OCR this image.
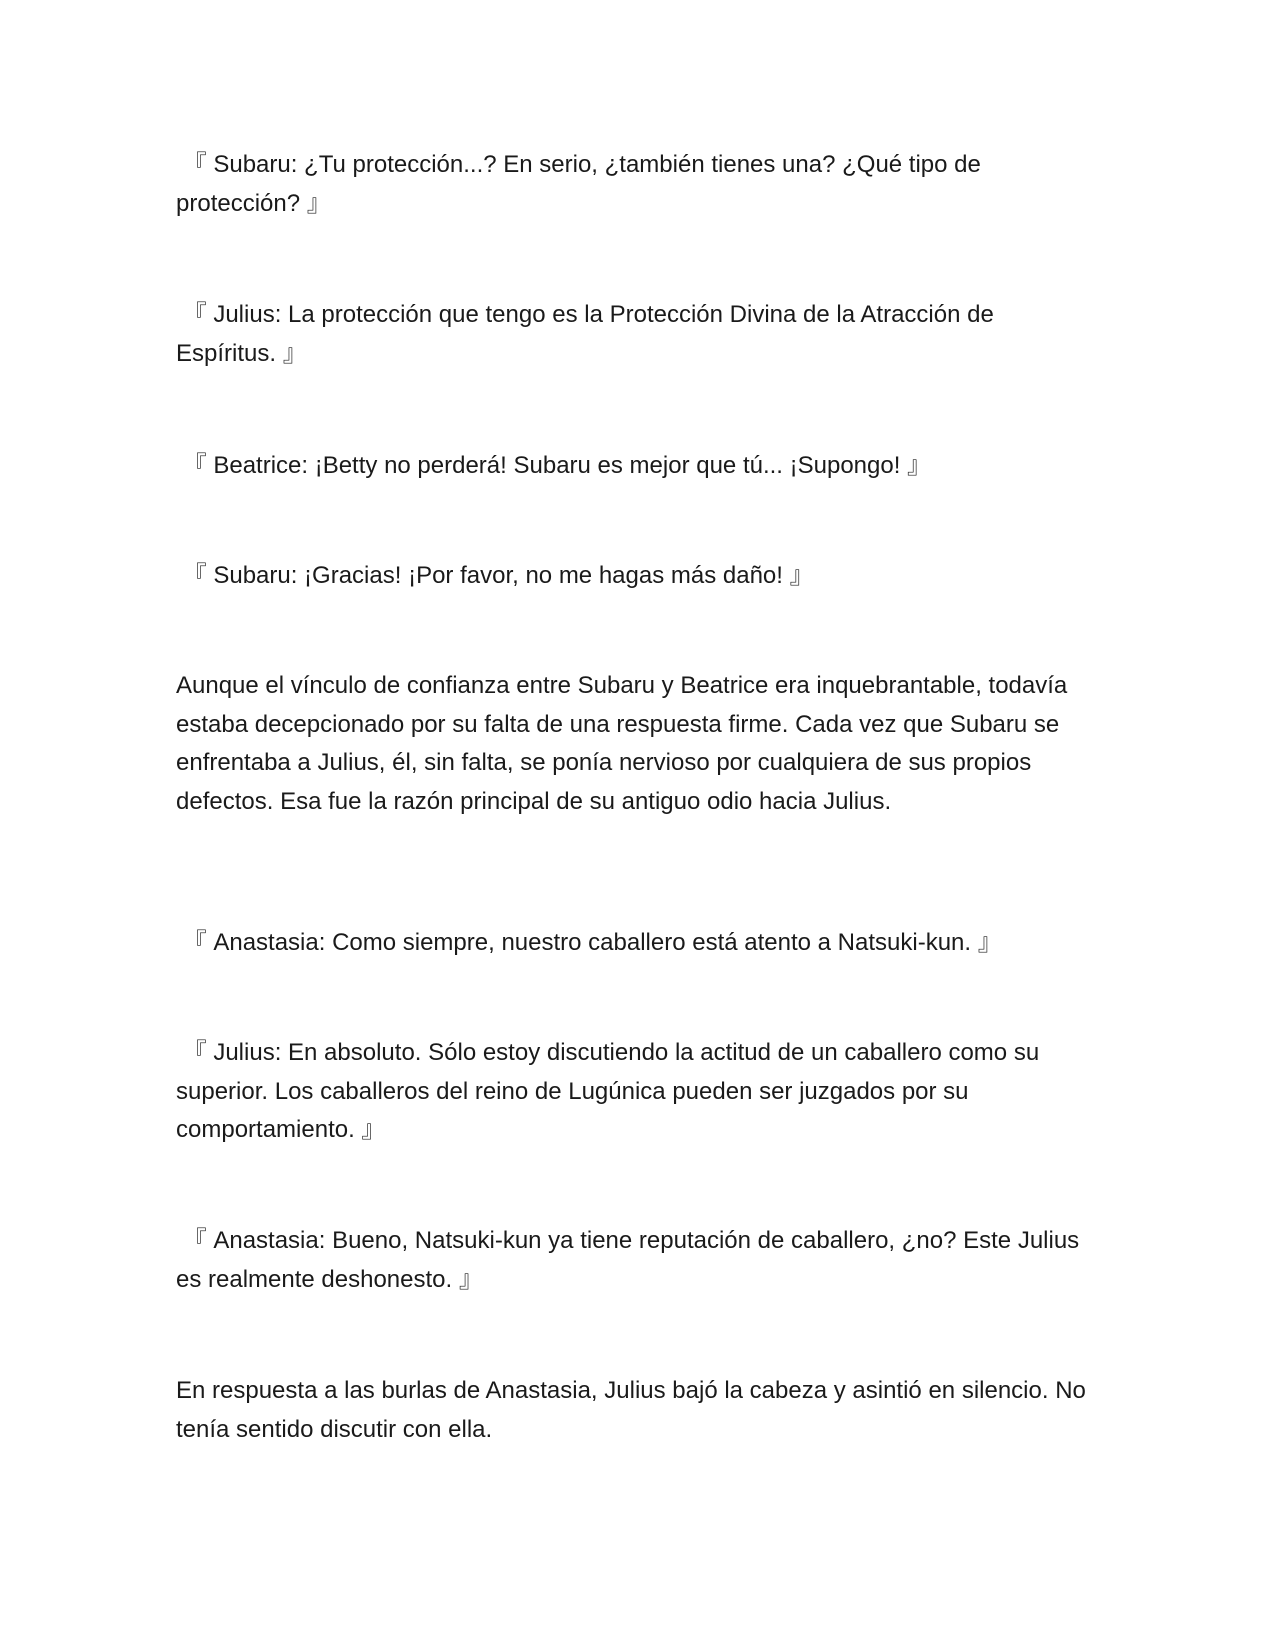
『 Subaru: ¿Tu protección...? En serio, ¿también tienes una? ¿Qué tipo de protección? 』

『 Julius: La protección que tengo es la Protección Divina de la Atracción de Espíritus. 』

『 Beatrice: ¡Betty no perderá! Subaru es mejor que tú... ¡Supongo! 』

『 Subaru: ¡Gracias! ¡Por favor, no me hagas más daño! 』

Aunque el vínculo de confianza entre Subaru y Beatrice era inquebrantable, todavía estaba decepcionado por su falta de una respuesta firme. Cada vez que Subaru se enfrentaba a Julius, él, sin falta, se ponía nervioso por cualquiera de sus propios defectos. Esa fue la razón principal de su antiguo odio hacia Julius.

『 Anastasia: Como siempre, nuestro caballero está atento a Natsuki-kun. 』

『 Julius: En absoluto. Sólo estoy discutiendo la actitud de un caballero como su superior. Los caballeros del reino de Lugúnica pueden ser juzgados por su comportamiento. 』

『 Anastasia: Bueno, Natsuki-kun ya tiene reputación de caballero, ¿no? Este Julius es realmente deshonesto. 』

En respuesta a las burlas de Anastasia, Julius bajó la cabeza y asintió en silencio. No tenía sentido discutir con ella.
